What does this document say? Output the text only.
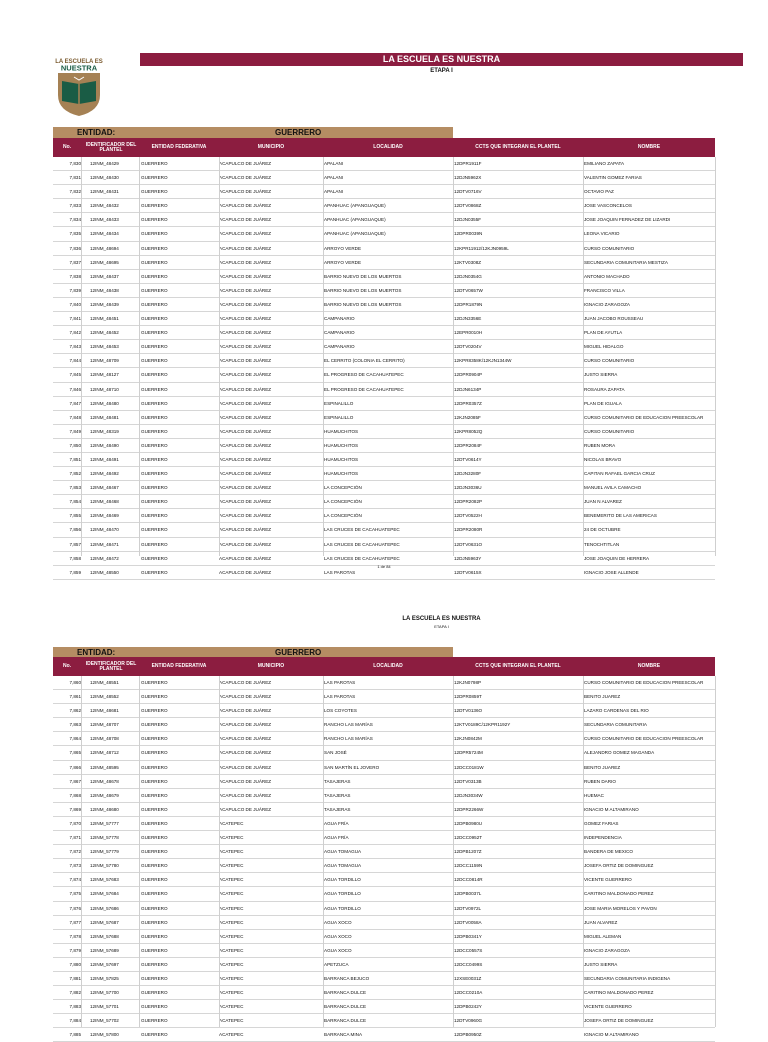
LA ESCUELA ES
NUESTRA
LA ESCUELA ES NUESTRA
ETAPA I
ENTIDAD:	GUERRERO
No.	IDENTIFICADOR DEL PLANTEL	ENTIDAD FEDERATIVA	MUNICIPIO	LOCALIDAD	CCTS QUE INTEGRAN EL PLANTEL	NOMBRE
7,830 12INM_48429	GUERRERO	ACAPULCO DE JUÁREZ	APALANI	12DPR1911F	EMILIANO ZAPATA
7,831 12INM_48430	GUERRERO	ACAPULCO DE JUÁREZ	APALANI	12DJN5962X	VALENTIN GOMEZ FARIAS
7,832 12INM_48431	GUERRERO	ACAPULCO DE JUÁREZ	APALANI	12DTV0716V	OCTAVIO PAZ
7,833 12INM_48432	GUERRERO	ACAPULCO DE JUÁREZ	APANHUAC (APANGUAQUE)	12DTV0868Z	JOSE VASCONCELOS
7,834 12INM_48433	GUERRERO	ACAPULCO DE JUÁREZ	APANHUAC (APANGUAQUE)	12DJN0355F	JOSE JOAQUIN FERNADEZ DE LIZARDI
7,835 12INM_48434	GUERRERO	ACAPULCO DE JUÁREZ	APANHUAC (APANGUAQUE)	12DPR0039N	LEONA VICARIO
7,836 12INM_48694	GUERRERO	ACAPULCO DE JUÁREZ	ARROYO VERDE	12KPR11912/12KJN0959L	CURSO COMUNITARIO
7,837 12INM_48695	GUERRERO	ACAPULCO DE JUÁREZ	ARROYO VERDE	12KTV0308Z	SECUNDARIA COMUNITARIA MESTIZA
7,838 12INM_48437	GUERRERO	ACAPULCO DE JUÁREZ	BARRIO NUEVO DE LOS MUERTOS	12DJN0354G	ANTONIO MACHADO
7,839 12INM_48438	GUERRERO	ACAPULCO DE JUÁREZ	BARRIO NUEVO DE LOS MUERTOS	12DTV0657W	FRANCISCO VILLA
7,840 12INM_48439	GUERRERO	ACAPULCO DE JUÁREZ	BARRIO NUEVO DE LOS MUERTOS	12DPR1879N	IGNACIO ZARAGOZA
7,841 12INM_48451	GUERRERO	ACAPULCO DE JUÁREZ	CAMPANARIO	12DJN3356E	JUAN JACOBO ROUSSEAU
7,842 12INM_48452	GUERRERO	ACAPULCO DE JUÁREZ	CAMPANARIO	12EPR0010H	PLAN DE AYUTLA
7,843 12INM_48453	GUERRERO	ACAPULCO DE JUÁREZ	CAMPANARIO	12DTV0204V	MIGUEL HIDALGO
7,844 12INM_48709	GUERRERO	ACAPULCO DE JUÁREZ	EL CERRITO (COLONIA EL CERRITO)	12KPR8358K/12KJN1344W	CURSO COMUNITARIO
7,845 12INM_48127	GUERRERO	ACAPULCO DE JUÁREZ	EL PROGRESO DE CACAHUATEPEC	12DPR0904P	JUSTO SIERRA
7,846 12INM_48710	GUERRERO	ACAPULCO DE JUÁREZ	EL PROGRESO DE CACAHUATEPEC	12DJN6134P	ROSAURA ZAPATA
7,847 12INM_48480	GUERRERO	ACAPULCO DE JUÁREZ	ESPINALILLO	12DPR0357Z	PLAN DE IGUALA
7,848 12INM_48481	GUERRERO	ACAPULCO DE JUÁREZ	ESPINALILLO	12KJN2085F	CURSO COMUNITARIO DE EDUCACION PREESCOLAR
7,849 12INM_48319	GUERRERO	ACAPULCO DE JUÁREZ	HUAMUCHITOS	12KPR8052Q	CURSO COMUNITARIO
7,850 12INM_48490	GUERRERO	ACAPULCO DE JUÁREZ	HUAMUCHITOS	12DPR2084F	RUBEN MORA
7,851 12INM_48491	GUERRERO	ACAPULCO DE JUÁREZ	HUAMUCHITOS	12DTV0614Y	NICOLAS BRAVO
7,852 12INM_48492	GUERRERO	ACAPULCO DE JUÁREZ	HUAMUCHITOS	12DJN3280F	CAPITAN RAFAEL GARCIA CRUZ
7,853 12INM_48467	GUERRERO	ACAPULCO DE JUÁREZ	LA CONCEPCIÓN	12DJN3036U	MANUEL AVILA CAMACHO
7,854 12INM_48468	GUERRERO	ACAPULCO DE JUÁREZ	LA CONCEPCIÓN	12DPR2082P	JUAN N ALVAREZ
7,855 12INM_48469	GUERRERO	ACAPULCO DE JUÁREZ	LA CONCEPCIÓN	12DTV0522H	BENEMERITO DE LAS AMERICAS
7,856 12INM_48470	GUERRERO	ACAPULCO DE JUÁREZ	LAS CRUCES DE CACAHUATEPEC	12DPR2080R	24 DE OCTUBRE
7,857 12INM_48471	GUERRERO	ACAPULCO DE JUÁREZ	LAS CRUCES DE CACAHUATEPEC	12DTV0631O	TENOCHTITLAN
7,858 12INM_48472	GUERRERO	ACAPULCO DE JUÁREZ	LAS CRUCES DE CACAHUATEPEC	12DJN5963Y	JOSE JOAQUIN DE HERRERA
7,859 12INM_48550	GUERRERO	ACAPULCO DE JUÁREZ	LAS PAROTAS	12DTV0615X	IGNACIO JOSE ALLENDE
1 de 84
LA ESCUELA ES NUESTRA
ETAPA I
ENTIDAD:	GUERRERO
No.	IDENTIFICADOR DEL PLANTEL	ENTIDAD FEDERATIVA	MUNICIPIO	LOCALIDAD	CCTS QUE INTEGRAN EL PLANTEL	NOMBRE
7,860 12INM_48551	GUERRERO	ACAPULCO DE JUÁREZ	LAS PAROTAS	12KJN0798P	CURSO COMUNITARIO DE EDUCACION PREESCOLAR
7,861 12INM_48552	GUERRERO	ACAPULCO DE JUÁREZ	LAS PAROTAS	12DPR0859T	BENITO JUAREZ
7,862 12INM_48681	GUERRERO	ACAPULCO DE JUÁREZ	LOS COYOTES	12DTV0136O	LAZARO CARDENAS DEL RIO
7,863 12INM_48707	GUERRERO	ACAPULCO DE JUÁREZ	RANCHO LAS MARÍAS	12KTV0189C/12KPR1192Y	SECUNDARIA COMUNITARIA
7,864 12INM_48708	GUERRERO	ACAPULCO DE JUÁREZ	RANCHO LAS MARÍAS	12KJN0842M	CURSO COMUNITARIO DE EDUCACION PREESCOLAR
7,865 12INM_48712	GUERRERO	ACAPULCO DE JUÁREZ	SAN JOSÉ	12DPR5724M	ALEJANDRO GOMEZ MAGANDA
7,866 12INM_48595	GUERRERO	ACAPULCO DE JUÁREZ	SAN MARTÍN EL JOVERO	12DCC0181W	BENITO JUAREZ
7,867 12INM_48678	GUERRERO	ACAPULCO DE JUÁREZ	TASAJERAS	12DTV0313B	RUBEN DARIO
7,868 12INM_48679	GUERRERO	ACAPULCO DE JUÁREZ	TASAJERAS	12DJN3034W	HUEMAC
7,869 12INM_48680	GUERRERO	ACAPULCO DE JUÁREZ	TASAJERAS	12DPR2266W	IGNACIO M ALTAMIRANO
7,870 12INM_57777	GUERRERO	ACATEPEC	AGUA FRÍA	12DPB0980U	GOMEZ FARIAS
7,871 12INM_57778	GUERRERO	ACATEPEC	AGUA FRÍA	12DCC0952T	INDEPENDENCIA
7,872 12INM_57779	GUERRERO	ACATEPEC	AGUA TOMAGUA	12DPB1207Z	BANDERA DE MEXICO
7,873 12INM_57780	GUERRERO	ACATEPEC	AGUA TOMAGUA	12DCC1159N	JOSEFA ORTIZ DE DOMINGUEZ
7,874 12INM_57683	GUERRERO	ACATEPEC	AGUA TORDILLO	12DCC0814R	VICENTE GUERRERO
7,875 12INM_57684	GUERRERO	ACATEPEC	AGUA TORDILLO	12DPB0037L	CARITINO MALDONADO PEREZ
7,876 12INM_57686	GUERRERO	ACATEPEC	AGUA TORDILLO	12DTV0972L	JOSE MARIA MORELOS Y PAVON
7,877 12INM_57687	GUERRERO	ACATEPEC	AGUA XOCO	12DTV0058A	JUAN ALVAREZ
7,878 12INM_57688	GUERRERO	ACATEPEC	AGUA XOCO	12DPB0341Y	MIGUEL ALEMAN
7,879 12INM_57689	GUERRERO	ACATEPEC	AGUA XOCO	12DCC0557S	IGNACIO ZARAGOZA
7,880 12INM_57697	GUERRERO	ACATEPEC	APETZUCA	12DCC0499S	JUSTO SIERRA
7,881 12INM_57825	GUERRERO	ACATEPEC	BARRANCA BEJUCO	12XSE0031Z	SECUNDARIA COMUNITARIA INDIGENA
7,882 12INM_57700	GUERRERO	ACATEPEC	BARRANCA DULCE	12DCC0210A	CARITINO MALDONADO PEREZ
7,883 12INM_57701	GUERRERO	ACATEPEC	BARRANCA DULCE	12DPB0242Y	VICENTE GUERRERO
7,884 12INM_57702	GUERRERO	ACATEPEC	BARRANCA DULCE	12DTV0960G	JOSEFA ORTIZ DE DOMINGUEZ
7,885 12INM_57800	GUERRERO	ACATEPEC	BARRANCA MINA	12DPB0950Z	IGNACIO M ALTAMIRANO
